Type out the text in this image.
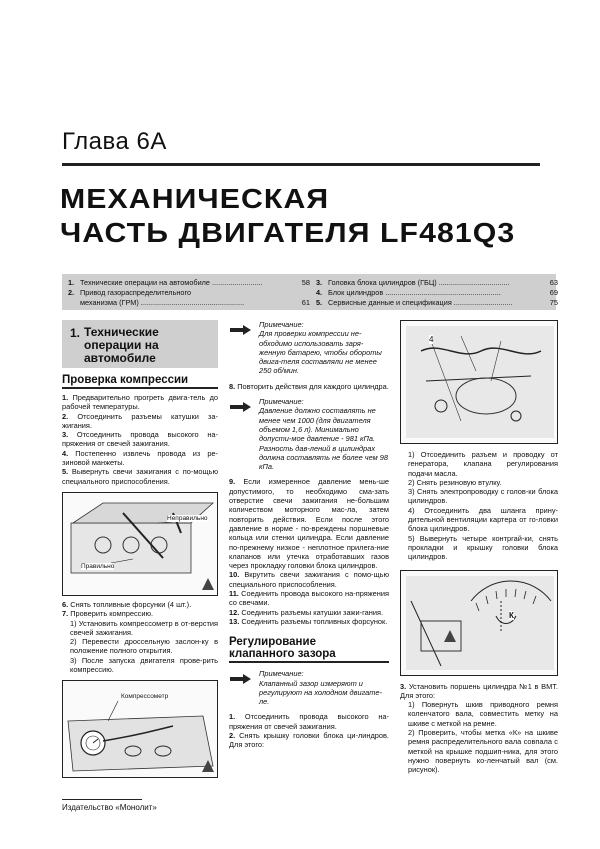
Глава 6А
МЕХАНИЧЕСКАЯ
ЧАСТЬ ДВИГАТЕЛЯ LF481Q3
1. Технические операции на автомобиле .........................	58
2. Привод газораспределительного
механизма (ГРМ) ...................................................	61
3. Головка блока цилиндров (ГБЦ) ...................................	63
4. Блок цилиндров .........................................................	69
5. Сервисные данные и спецификация .............................	75
1. Технические
операции на
автомобиле
Проверка компрессии

1. Предварительно прогреть двига-тель до рабочей температуры.

2. Отсоединить разъемы катушки за-жигания.

3. Отсоединить провода высокого на-пряжения от свечей зажигания.

4. Постепенно извлечь провода из ре-зиновой манжеты.

5. Вывернуть свечи зажигания с по-мощью специального приспособления.

Неправильно
Правильно

6. Снять топливные форсунки (4 шт.).

7. Проверить компрессию.

1) Установить компрессометр в от-верстия свечей зажигания.

2) Перевести дроссельную заслон-ку в положение полного открытия.

3) После запуска двигателя прове-рить компрессию.

Компрессометр
Примечание:
Для проверки компрессии не-обходимо использовать заря-женную батарею, чтобы обороты двига-теля составляли не менее 250 об/мин.

8. Повторить действия для каждого цилиндра.

Примечание:
Давление должно составлять не менее чем 1000 (для двигателя объемом 1,6 л). Минимально допусти-мое давление - 981 кПа. Разность дав-лений в цилиндрах должна составлять не более чем 98 кПа.

9. Если измеренное давление мень-ше допустимого, то необходимо сма-зать отверстие свечи зажигания не-большим количеством моторного мас-ла, затем повторить действия. Если после этого давление в норме - по-вреждены поршневые кольца или стенки цилиндра. Если давление по-прежнему низкое - неплотное прилега-ние клапанов или утечка отработавших газов через прокладку головки блока цилиндров.

10. Вкрутить свечи зажигания с помо-щью специального приспособления.

11. Соединить провода высокого на-пряжения со свечами.

12. Соединить разъемы катушки зажи-гания.

13. Соединить разъемы топливных форсунок.

Регулирование
клапанного зазора
Примечание:
Клапанный зазор измеряют и регулируют на холодном двигате-ле.

1. Отсоединить провода высокого на-пряжения от свечей зажигания.

2. Снять крышку головки блока ци-линдров. Для этого:

4

1) Отсоединить разъем и проводку от генератора, клапана регулирования подачи масла.

2) Снять резиновую втулку.

3) Снять электропроводку с голов-ки блока цилиндров.

4) Отсоединить два шланга прину-дительной вентиляции картера от го-ловки блока цилиндров.

5) Вывернуть четыре контргай-ки, снять прокладки и крышку головки блока цилиндров.

К

3. Установить поршень цилиндра №1 в ВМТ. Для этого:

1) Повернуть шкив приводного ремня коленчатого вала, совместить метку на шкиве с меткой на ремне.

2) Проверить, чтобы метка «К» на шкиве ремня распределительного вала совпала с меткой на крышке подшип-ника, для этого нужно повернуть ко-ленчатый вал (см. рисунок).

Издательство «Монолит»
